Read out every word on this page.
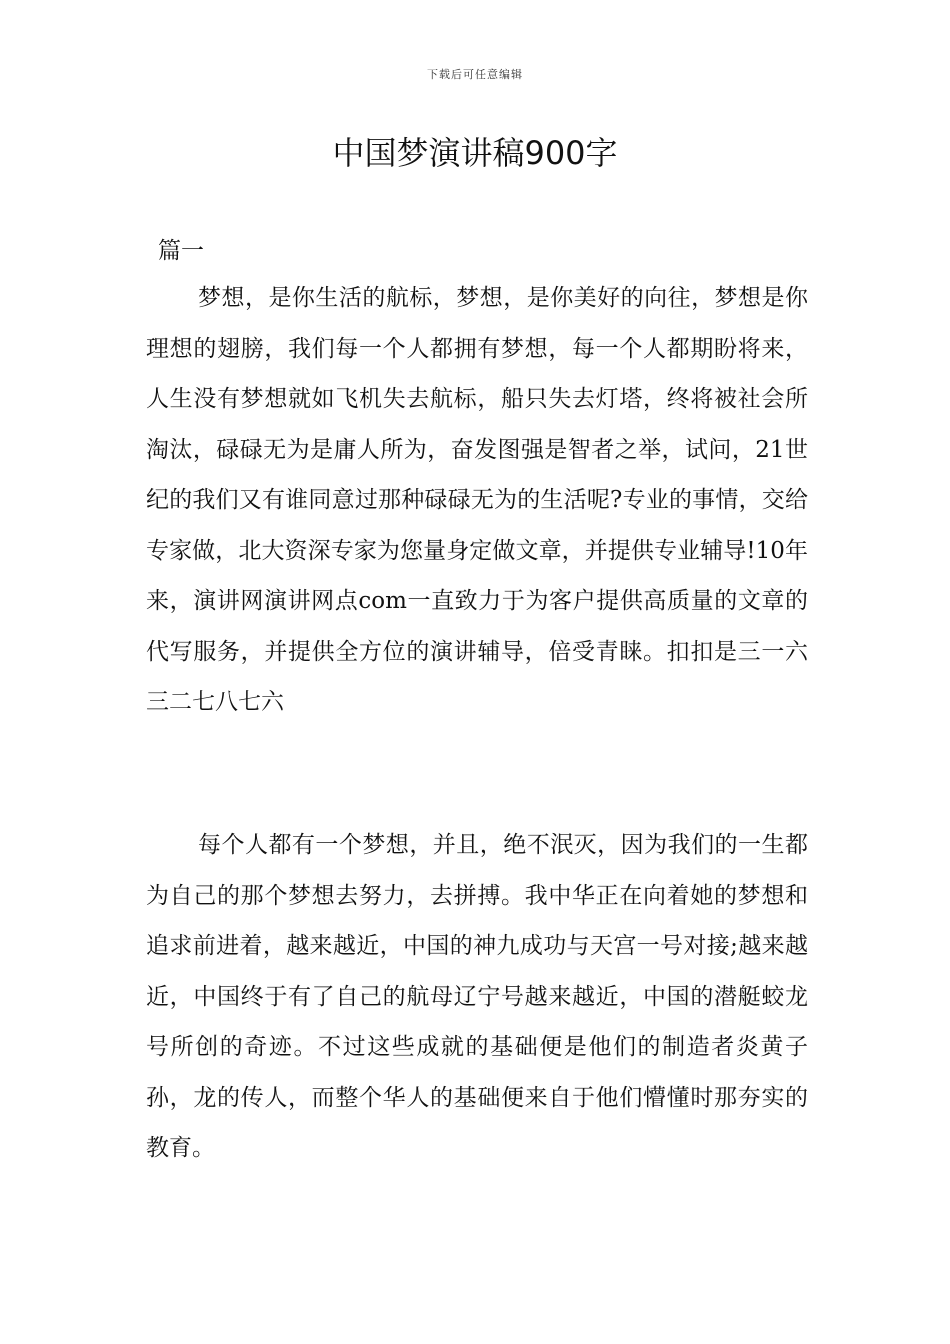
下载后可任意编辑
中国梦演讲稿900字

篇一

梦想，是你生活的航标，梦想，是你美好的向往，梦想是你理想的翅膀，我们每一个人都拥有梦想，每一个人都期盼将来，人生没有梦想就如飞机失去航标，船只失去灯塔，终将被社会所淘汰，碌碌无为是庸人所为，奋发图强是智者之举，试问，21世纪的我们又有谁同意过那种碌碌无为的生活呢?专业的事情，交给专家做，北大资深专家为您量身定做文章，并提供专业辅导!10年来，演讲网演讲网点com一直致力于为客户提供高质量的文章的代写服务，并提供全方位的演讲辅导，倍受青睐。扣扣是三一六三二七八七六

每个人都有一个梦想，并且，绝不泯灭，因为我们的一生都为自己的那个梦想去努力，去拼搏。我中华正在向着她的梦想和追求前进着，越来越近，中国的神九成功与天宫一号对接;越来越近，中国终于有了自己的航母辽宁号越来越近，中国的潜艇蛟龙号所创的奇迹。不过这些成就的基础便是他们的制造者炎黄子孙，龙的传人，而整个华人的基础便来自于他们懵懂时那夯实的教育。
